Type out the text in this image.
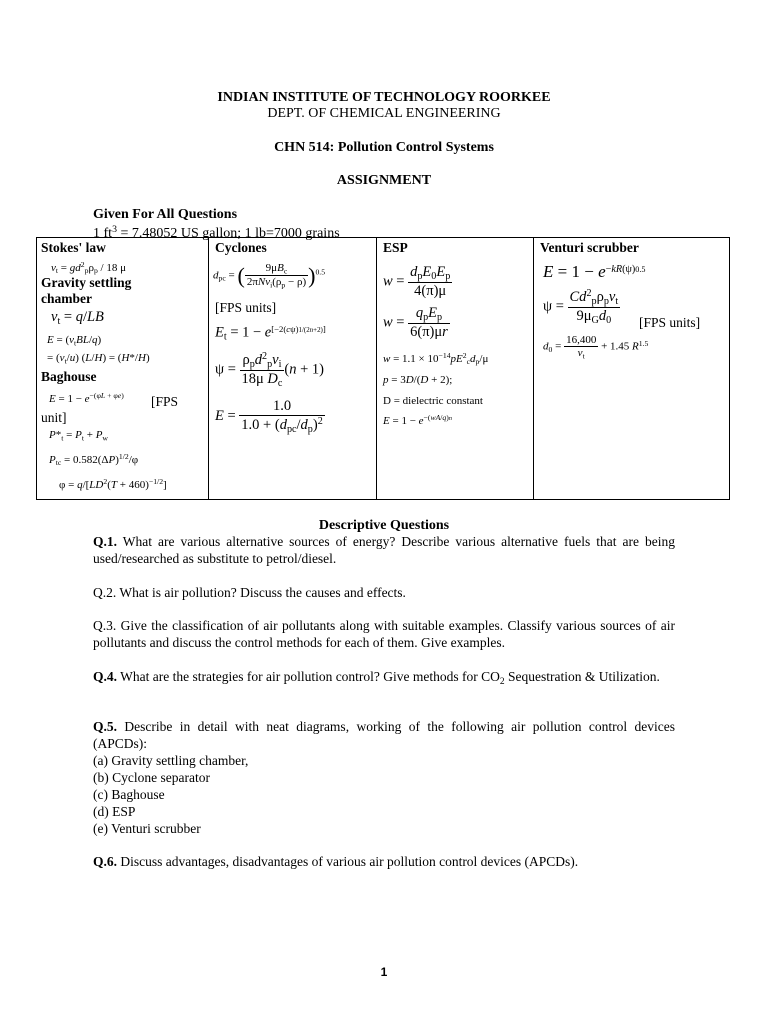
INDIAN INSTITUTE OF TECHNOLOGY ROORKEE
DEPT. OF CHEMICAL ENGINEERING
CHN 514: Pollution Control Systems
ASSIGNMENT
Given For All Questions
1 $ft^3 = 7.48052$ US gallon; 1 lb=7000 grains
Stokes' law	Cyclones	ESP	Venturi scrubber
$v_t = gd^2_p\rho_p / 18$ μ
Gravity settling chamber
$v_t = q/LB$
$E = (v_tBL/q)$
= $(v_t/u) (L/H) = (H*/H)$
Baghouse
$E = 1 - e^{-(\varphi L + \varphi e)}$	[FPS unit]
$P*_t = P_t + P_w$
$P_{tc} = 0.582(\Delta P)^{1/2}/\varphi$
$\varphi = q/[LD^2(T + 460)^{-1/2}]$
$d_{pc}$ = ( $\frac{9\mu B_c}{2\pi Nv_i(\rho_p - \rho)} )^{0.5}$
[FPS units]
$E_t = 1 - e[-2(c\psi)1/(2n+2)]$
$\psi = \frac{\rho_pd^2_pv_i}{18\mu D_c} (n + 1)$
$E = \frac{1.0}{1.0 + (d_{pc}/d_p)^2}$
$w = \frac{d_pE_0E_p}{4(\pi)\mu}$
$w = \frac{q_pE_p}{6(\pi)\mu r}$
$w = 1.1 \times 10^{-14}pE^2_cd_p/\mu$
p = 3D/(D + 2);
D = dielectric constant
$E = 1 - e^{-(wA/q)n}$
$E = 1 - e^{-kR(\psi)0.5}$
$\psi = \frac{Cd^2_p\rho_pv_t}{9\mu_Gd_0} [FPS$ units]
$d_0 = \frac{16,400}{v_t} + 1.45$ $R^{1.5}$
Descriptive Questions
Q.1. What are various alternative sources of energy? Describe various alternative fuels that are being used/researched as substitute to petrol/diesel.
Q.2. What is air pollution? Discuss the causes and effects.
Q.3. Give the classification of air pollutants along with suitable examples. Classify various sources of air pollutants and discuss the control methods for each of them. Give examples.
Q.4. What are the strategies for air pollution control? Give methods for $CO_2$ Sequestration & Utilization.
Q.5. Describe in detail with neat diagrams, working of the following air pollution control devices (APCDs):
(a) Gravity settling chamber,
(b) Cyclone separator
(c) Baghouse
(d) ESP
(e) Venturi scrubber
Q.6. Discuss advantages, disadvantages of various air pollution control devices (APCDs).
1
